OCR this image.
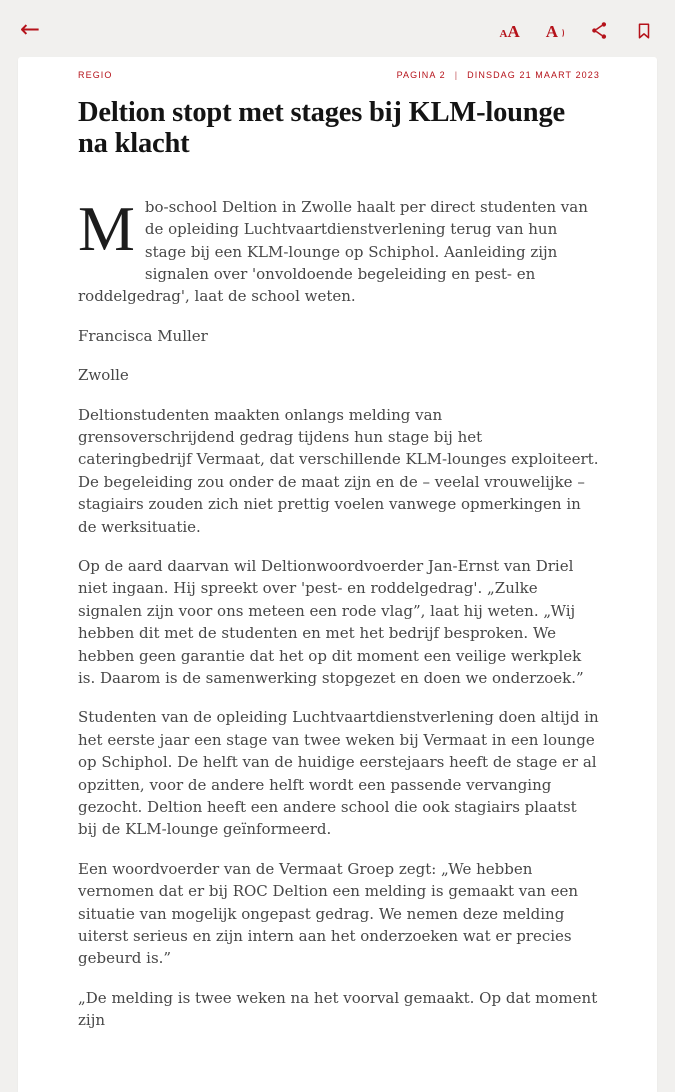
←	A A A
REGIO	PAGINA 2 | DINSDAG 21 MAART 2023
Deltion stopt met stages bij KLM-lounge na klacht

Mbo-school Deltion in Zwolle haalt per direct studenten van de opleiding Luchtvaartdienstverlening terug van hun stage bij een KLM-lounge op Schiphol. Aanleiding zijn signalen over 'onvoldoende begeleiding en pest- en roddelgedrag', laat de school weten.

Francisca Muller

Zwolle

Deltionstudenten maakten onlangs melding van grensoverschrijdend gedrag tijdens hun stage bij het cateringbedrijf Vermaat, dat verschillende KLM-lounges exploiteert. De begeleiding zou onder de maat zijn en de – veelal vrouwelijke – stagiairs zouden zich niet prettig voelen vanwege opmerkingen in de werksituatie.

Op de aard daarvan wil Deltionwoordvoerder Jan-Ernst van Driel niet ingaan. Hij spreekt over 'pest- en roddelgedrag'. „Zulke signalen zijn voor ons meteen een rode vlag”, laat hij weten. „Wij hebben dit met de studenten en met het bedrijf besproken. We hebben geen garantie dat het op dit moment een veilige werkplek is. Daarom is de samenwerking stopgezet en doen we onderzoek.”

Studenten van de opleiding Luchtvaartdienstverlening doen altijd in het eerste jaar een stage van twee weken bij Vermaat in een lounge op Schiphol. De helft van de huidige eerstejaars heeft de stage er al opzitten, voor de andere helft wordt een passende vervanging gezocht. Deltion heeft een andere school die ook stagiairs plaatst bij de KLM-lounge geïnformeerd.

Een woordvoerder van de Vermaat Groep zegt: „We hebben vernomen dat er bij ROC Deltion een melding is gemaakt van een situatie van mogelijk ongepast gedrag. We nemen deze melding uiterst serieus en zijn intern aan het onderzoeken wat er precies gebeurd is.”

„De melding is twee weken na het voorval gemaakt. Op dat moment zijn
